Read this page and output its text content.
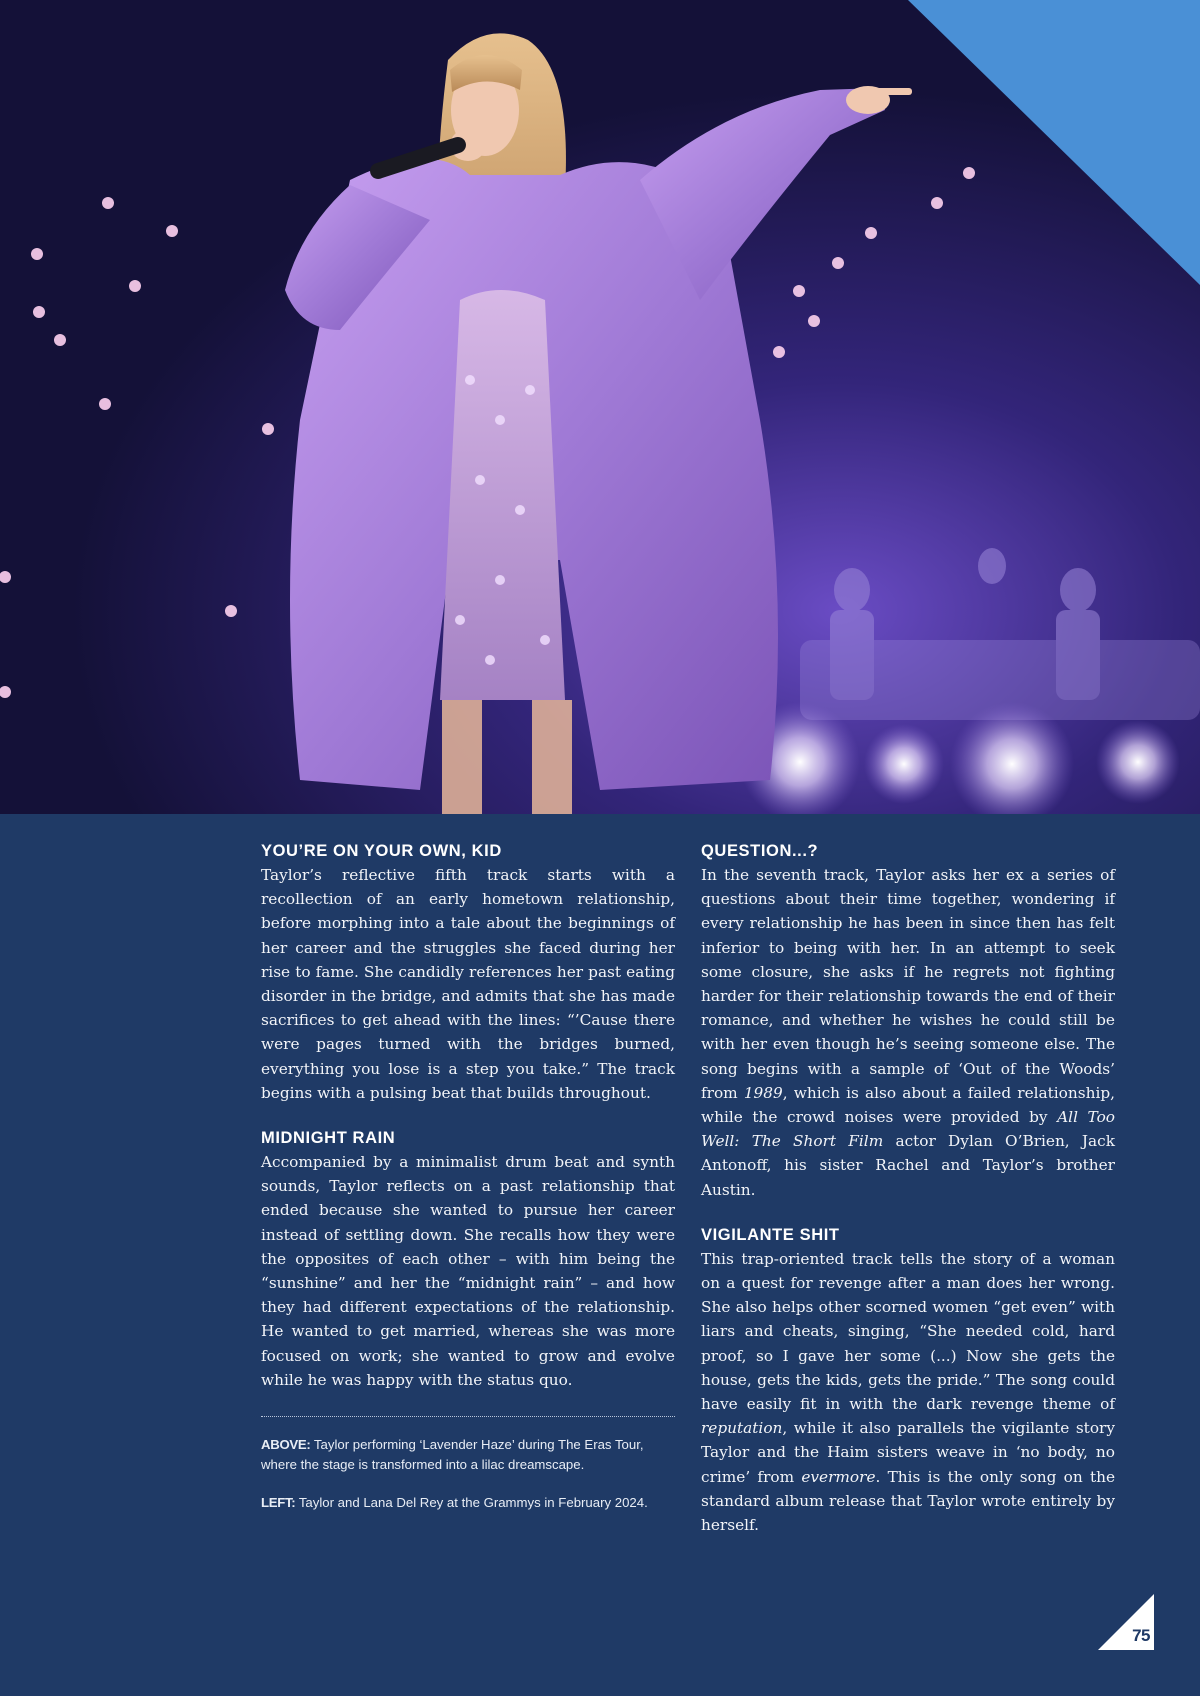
YOU’RE ON YOUR OWN, KID

Taylor’s reflective fifth track starts with a recollection of an early hometown relationship, before morphing into a tale about the beginnings of her career and the struggles she faced during her rise to fame. She candidly references her past eating disorder in the bridge, and admits that she has made sacrifices to get ahead with the lines: “’Cause there were pages turned with the bridges burned, everything you lose is a step you take.” The track begins with a pulsing beat that builds throughout.

MIDNIGHT RAIN

Accompanied by a minimalist drum beat and synth sounds, Taylor reflects on a past relationship that ended because she wanted to pursue her career instead of settling down. She recalls how they were the opposites of each other – with him being the “sunshine” and her the “midnight rain” – and how they had different expectations of the relationship. He wanted to get married, whereas she was more focused on work; she wanted to grow and evolve while he was happy with the status quo.

ABOVE: Taylor performing ‘Lavender Haze’ during The Eras Tour, where the stage is transformed into a lilac dreamscape.

LEFT: Taylor and Lana Del Rey at the Grammys in February 2024.

QUESTION...?

In the seventh track, Taylor asks her ex a series of questions about their time together, wondering if every relationship he has been in since then has felt inferior to being with her. In an attempt to seek some closure, she asks if he regrets not fighting harder for their relationship towards the end of their romance, and whether he wishes he could still be with her even though he’s seeing someone else. The song begins with a sample of ‘Out of the Woods’ from 1989, which is also about a failed relationship, while the crowd noises were provided by All Too Well: The Short Film actor Dylan O’Brien, Jack Antonoff, his sister Rachel and Taylor’s brother Austin.

VIGILANTE SHIT

This trap-oriented track tells the story of a woman on a quest for revenge after a man does her wrong. She also helps other scorned women “get even” with liars and cheats, singing, “She needed cold, hard proof, so I gave her some (...) Now she gets the house, gets the kids, gets the pride.” The song could have easily fit in with the dark revenge theme of reputation, while it also parallels the vigilante story Taylor and the Haim sisters weave in ‘no body, no crime’ from evermore. This is the only song on the standard album release that Taylor wrote entirely by herself.

75
